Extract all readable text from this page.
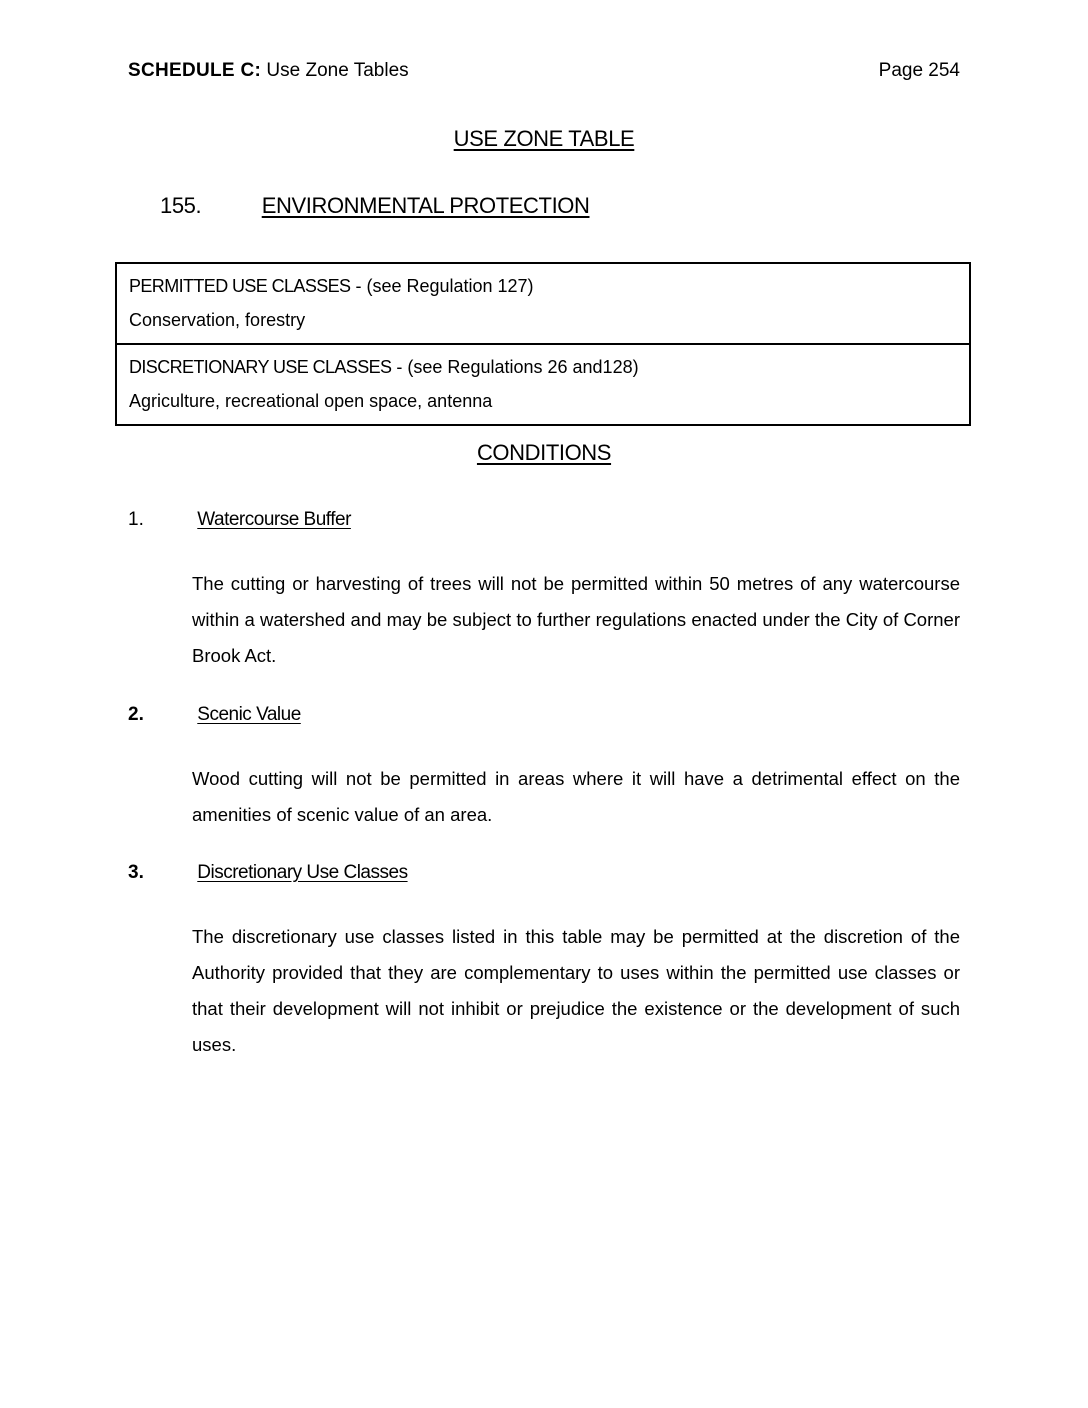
SCHEDULE C: Use Zone Tables	Page 254
USE ZONE TABLE
155.	ENVIRONMENTAL PROTECTION
PERMITTED USE CLASSES - (see Regulation 127)
Conservation, forestry
DISCRETIONARY USE CLASSES - (see Regulations 26 and128)
Agriculture, recreational open space, antenna
CONDITIONS
1.	Watercourse Buffer

The cutting or harvesting of trees will not be permitted within 50 metres of any watercourse within a watershed and may be subject to further regulations enacted under the City of Corner Brook Act.

2.	Scenic Value

Wood cutting will not be permitted in areas where it will have a detrimental effect on the amenities of scenic value of an area.

3.	Discretionary Use Classes

The discretionary use classes listed in this table may be permitted at the discretion of the Authority provided that they are complementary to uses within the permitted use classes or that their development will not inhibit or prejudice the existence or the development of such uses.
